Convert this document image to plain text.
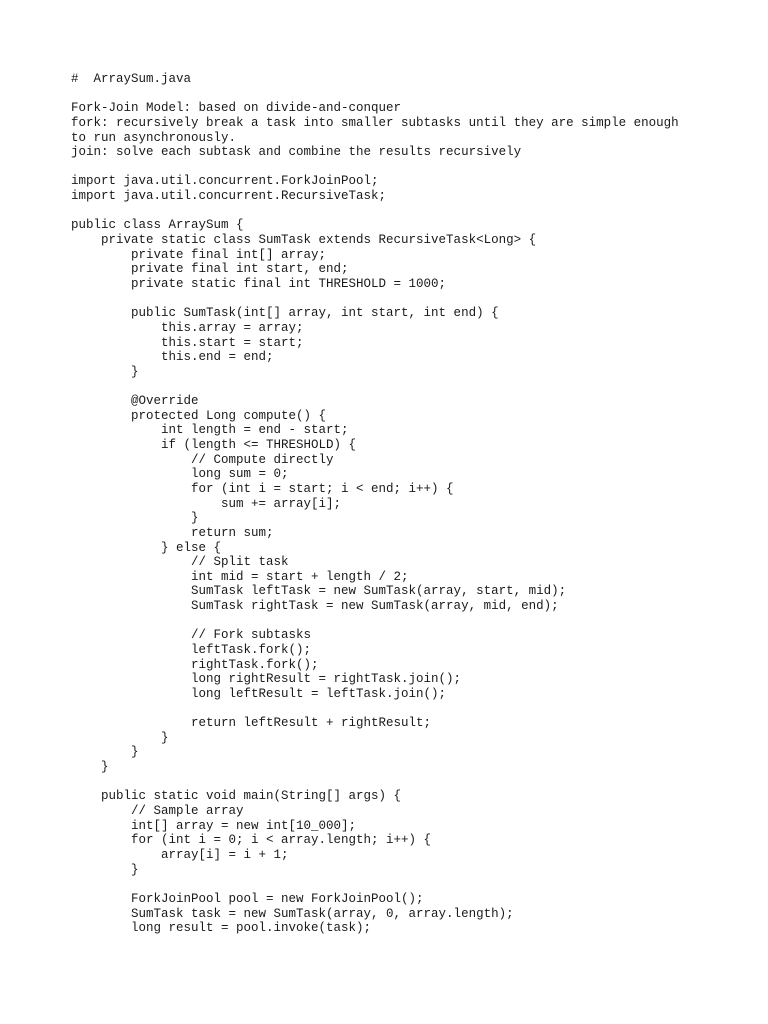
#  ArraySum.java
Fork-Join Model: based on divide-and-conquer
fork: recursively break a task into smaller subtasks until they are simple enough
to run asynchronously.
join: solve each subtask and combine the results recursively
import java.util.concurrent.ForkJoinPool;
import java.util.concurrent.RecursiveTask;
public class ArraySum {
private static class SumTask extends RecursiveTask<Long> {
private final int[] array;
private final int start, end;
private static final int THRESHOLD = 1000;
public SumTask(int[] array, int start, int end) {
this.array = array;
this.start = start;
this.end = end;
}
@Override
protected Long compute() {
int length = end - start;
if (length <= THRESHOLD) {
// Compute directly
long sum = 0;
for (int i = start; i < end; i++) {
sum += array[i];
}
return sum;
} else {
// Split task
int mid = start + length / 2;
SumTask leftTask = new SumTask(array, start, mid);
SumTask rightTask = new SumTask(array, mid, end);
// Fork subtasks
leftTask.fork();
rightTask.fork();
long rightResult = rightTask.join();
long leftResult = leftTask.join();
return leftResult + rightResult;
}
}
}
public static void main(String[] args) {
// Sample array
int[] array = new int[10_000];
for (int i = 0; i < array.length; i++) {
array[i] = i + 1;
}
ForkJoinPool pool = new ForkJoinPool();
SumTask task = new SumTask(array, 0, array.length);
long result = pool.invoke(task);
